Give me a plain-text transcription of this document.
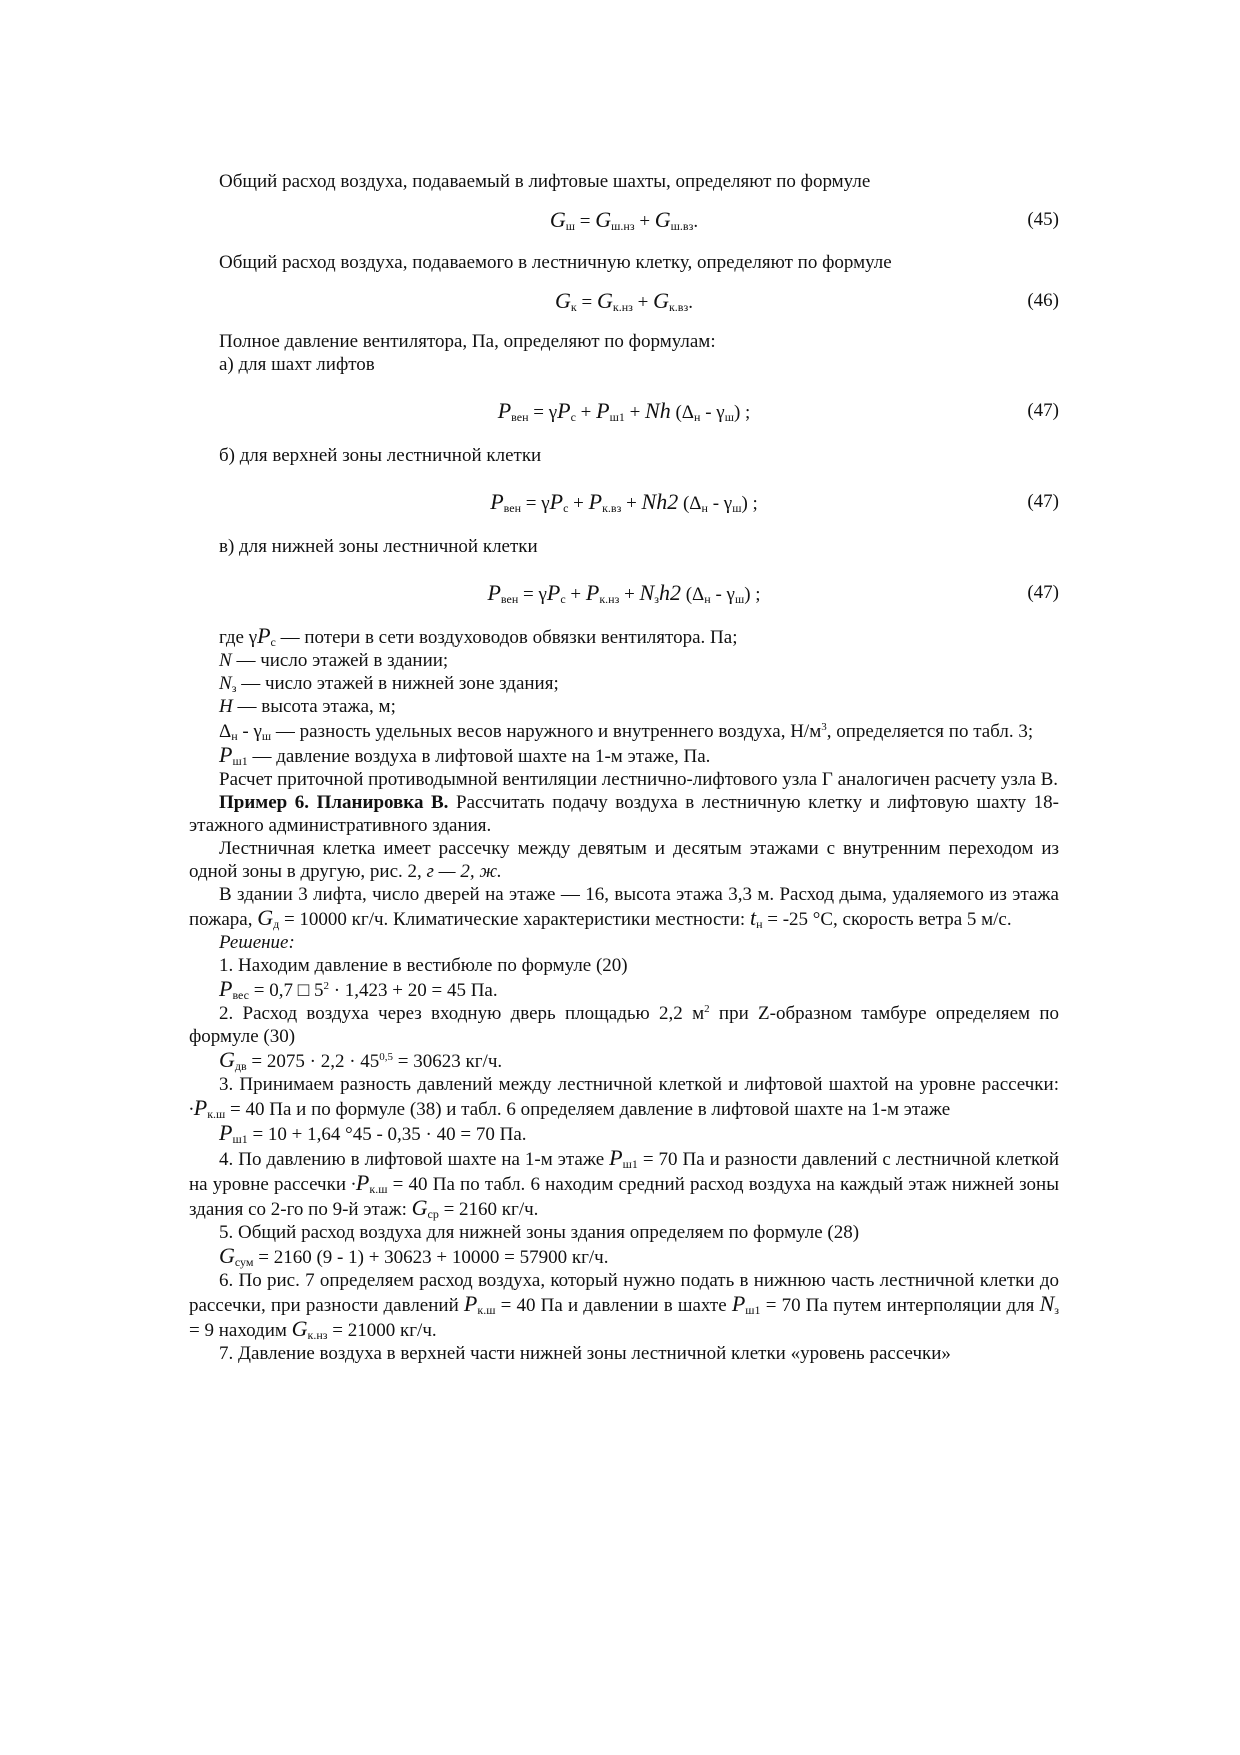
Общий расход воздуха, подаваемый в лифтовые шахты, определяют по формуле

$G_ш = G_{ш.нз} + G_{ш.вз}$.	(45)

Общий расход воздуха, подаваемого в лестничную клетку, определяют по формуле

$G_к = G_{к.нз} + G_{к.вз}$.	(46)

Полное давление вентилятора, Па, определяют по формулам:

а) для шахт лифтов

$P_{вен} = \gamma P_с + P_{ш1} + Nh$ $(\Delta_н - \gamma_ш)$ ;	(47)

б) для верхней зоны лестничной клетки

$P_{вен} = \gamma P_с + P_{к.вз} + Nh2$ $(\Delta_н - \gamma_ш)$ ;	(47)

в) для нижней зоны лестничной клетки

$P_{вен} = \gamma P_с + P_{к.нз} + N_зh2$ $(\Delta_н - \gamma_ш)$ ;	(47)

где $\gamma P_с$ — потери в сети воздуховодов обвязки вентилятора. Па;

N — число этажей в здании;

$N_з$ — число этажей в нижней зоне здания;

H — высота этажа, м;

$\Delta_н - \gamma_ш$ — разность удельных весов наружного и внутреннего воздуха, $Н/м^3$, определяется по табл. 3;

$P_{ш1}$ — давление воздуха в лифтовой шахте на 1-м этаже, Па.

Расчет приточной противодымной вентиляции лестнично-лифтового узла Г аналогичен расчету узла В.

Пример 6. Планировка В. Рассчитать подачу воздуха в лестничную клетку и лифтовую шахту 18- этажного административного здания.

Лестничная клетка имеет рассечку между девятым и десятым этажами с внутренним переходом из одной зоны в другую, рис. 2, г — 2, ж.

В здании 3 лифта, число дверей на этаже — 16, высота этажа 3,3 м. Расход дыма, удаляемого из этажа пожара, $G_д = 10000$ кг/ч. Климатические характеристики местности: $t_н = -25$ °С, скорость ветра 5 м/с.

Решение:

1. Находим давление в вестибюле по формуле (20)

$P_{вес} = 0,7$ □ $5^2 \cdot 1,423 + 20 = 45$ Па.

2. Расход воздуха через входную дверь площадью 2,2 $м^2$ при Z-образном тамбуре определяем по формуле (30)

$G_{дв} = 2075 \cdot 2,2 \cdot 45^{0,5} = 30623$ кг/ч.

3. Принимаем разность давлений между лестничной клеткой и лифтовой шахтой на уровне рассечки: $\cdot P_{к.ш} = 40$ Па и по формуле (38) и табл. 6 определяем давление в лифтовой шахте на 1-м этаже

$P_{ш1} = 10 + 1,64$ °45 - 0,35 · 40 = 70 Па.

4. По давлению в лифтовой шахте на 1-м этаже $P_{ш1} = 70$ Па и разности давлений с лестничной клеткой на уровне рассечки $\cdot P_{к.ш} = 40$ Па по табл. 6 находим средний расход воздуха на каждый этаж нижней зоны здания со 2-го по 9-й этаж: $G_{ср} = 2160$ кг/ч.

5. Общий расход воздуха для нижней зоны здания определяем по формуле (28)

$G_{сум} = 2160$ (9 - 1) + 30623 + 10000 = 57900 кг/ч.

6. По рис. 7 определяем расход воздуха, который нужно подать в нижнюю часть лестничной клетки до рассечки, при разности давлений $P_{к.ш} = 40$ Па и давлении в шахте $P_{ш1} = 70$ Па путем интерполяции для $N_з = 9$ находим $G_{к.нз} = 21000$ кг/ч.

7. Давление воздуха в верхней части нижней зоны лестничной клетки «уровень рассечки»
